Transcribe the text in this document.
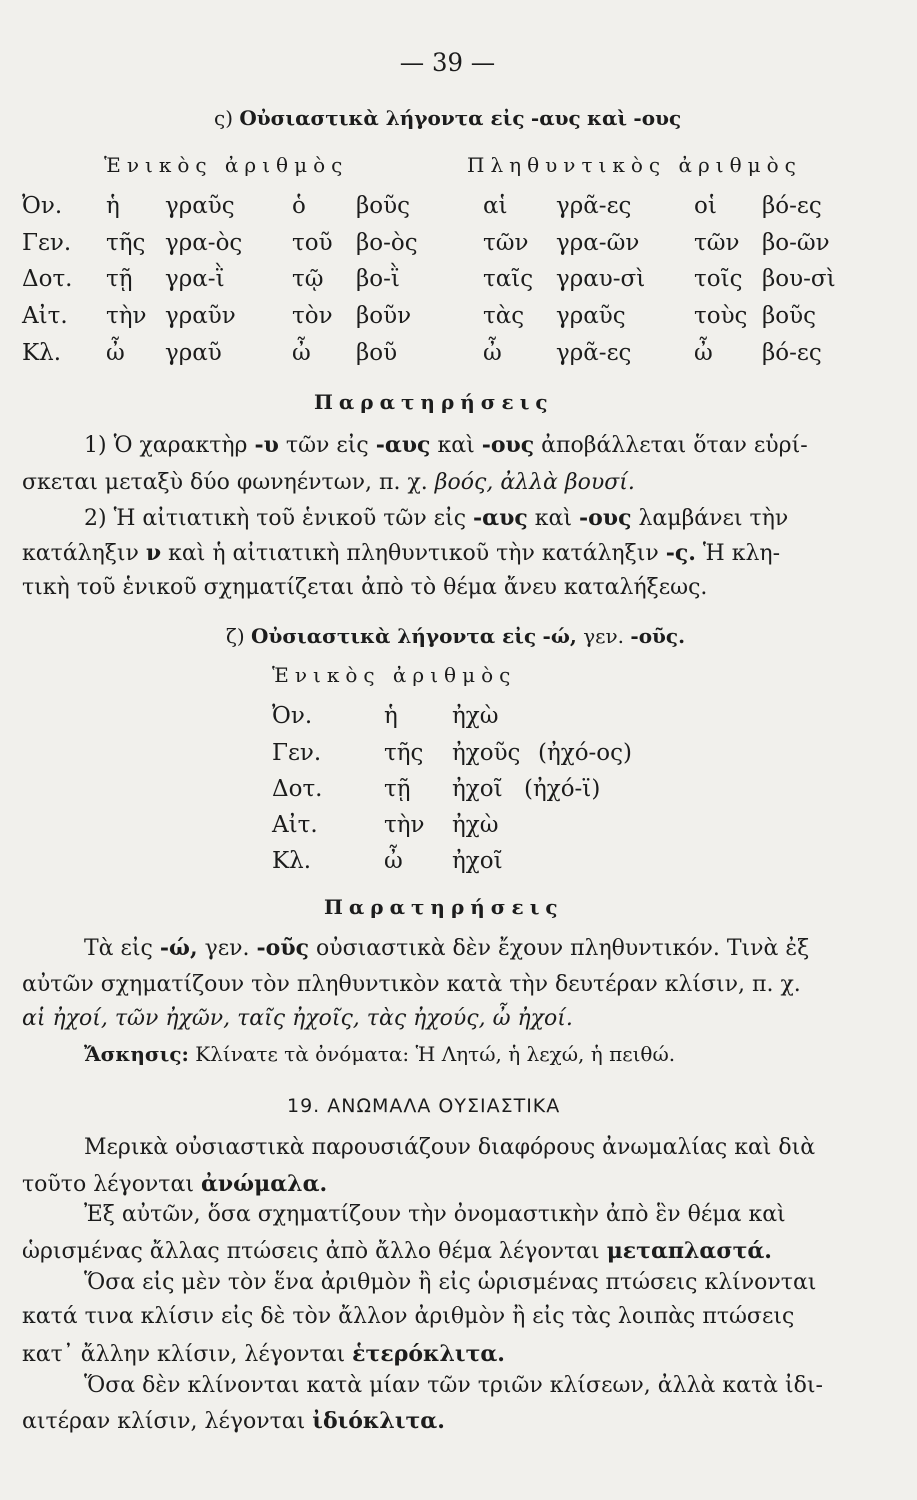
— 39 —
ς) Οὐσιαστικὰ λήγοντα εἰς -αυς καὶ -ους
Ἑνικὸς ἀριθμὸς	Πληθυντικὸς ἀριθμὸς
Ὀν. ἡ γραῦς ὁ βοῦς	αἱ γρᾶ-ες	οἱ βό-ες
Γεν. τῆς γρα-ὸς τοῦ βο-ὸς	τῶν γρα-ῶν τῶν βο-ῶν
Δοτ. τῇ γρα-ῒ	τῷ βο-ῒ	ταῖς γραυ-σὶ τοῖς βου-σὶ
Αἰτ. τὴν γραῦν τὸν βοῦν	τὰς γραῦς	τοὺς βοῦς
Κλ. ὦ γραῦ	ὦ βοῦ	ὦ γρᾶ-ες	ὦ βό-ες
Παρατηρήσεις
1) Ὁ χαρακτὴρ -υ τῶν εἰς -αυς καὶ -ους ἀποβάλλεται ὅταν εὑρί-
σκεται μεταξὺ δύο φωνηέντων, π. χ. βοός, ἀλλὰ βουσί.
2) Ἡ αἰτιατικὴ τοῦ ἑνικοῦ τῶν εἰς -αυς καὶ -ους λαμβάνει τὴν
κατάληξιν ν καὶ ἡ αἰτιατικὴ πληθυντικοῦ τὴν κατάληξιν -ς. Ἡ κλη-
τικὴ τοῦ ἑνικοῦ σχηματίζεται ἀπὸ τὸ θέμα ἄνευ καταλήξεως.
ζ) Οὐσιαστικὰ λήγοντα εἰς -ώ, γεν. -οῦς.
Ἑνικὸς ἀριθμὸς
Ὀν.	ἡ ἠχὼ
Γεν.	τῆς ἠχοῦς (ἠχό-ος)
Δοτ.	τῇ ἠχοῖ (ἠχό-ϊ)
Αἰτ.	τὴν ἠχὼ
Κλ.	ὦ ἠχοῖ
Παρατηρήσεις
Τὰ εἰς -ώ, γεν. -οῦς οὐσιαστικὰ δὲν ἔχουν πληθυντικόν. Τινὰ ἐξ
αὐτῶν σχηματίζουν τὸν πληθυντικὸν κατὰ τὴν δευτέραν κλίσιν, π. χ.
αἱ ἠχοί, τῶν ἠχῶν, ταῖς ἠχοῖς, τὰς ἠχούς, ὦ ἠχοί.
Ἄσκησις: Κλίνατε τὰ ὀνόματα: Ἡ Λητώ, ἡ λεχώ, ἡ πειθώ.
19. ΑΝΩΜΑΛΑ ΟΥΣΙΑΣΤΙΚΑ
Μερικὰ οὐσιαστικὰ παρουσιάζουν διαφόρους ἀνωμαλίας καὶ διὰ
τοῦτο λέγονται ἀνώμαλα.
Ἐξ αὐτῶν, ὅσα σχηματίζουν τὴν ὀνομαστικὴν ἀπὸ ἓν θέμα καὶ
ὡρισμένας ἄλλας πτώσεις ἀπὸ ἄλλο θέμα λέγονται μεταπλαστά.
Ὅσα εἰς μὲν τὸν ἕνα ἀριθμὸν ἢ εἰς ὡρισμένας πτώσεις κλίνονται
κατά τινα κλίσιν εἰς δὲ τὸν ἄλλον ἀριθμὸν ἢ εἰς τὰς λοιπὰς πτώσεις
κατ᾿ ἄλλην κλίσιν, λέγονται ἑτερόκλιτα.
Ὅσα δὲν κλίνονται κατὰ μίαν τῶν τριῶν κλίσεων, ἀλλὰ κατὰ ἰδι-
αιτέραν κλίσιν, λέγονται ἰδιόκλιτα.
